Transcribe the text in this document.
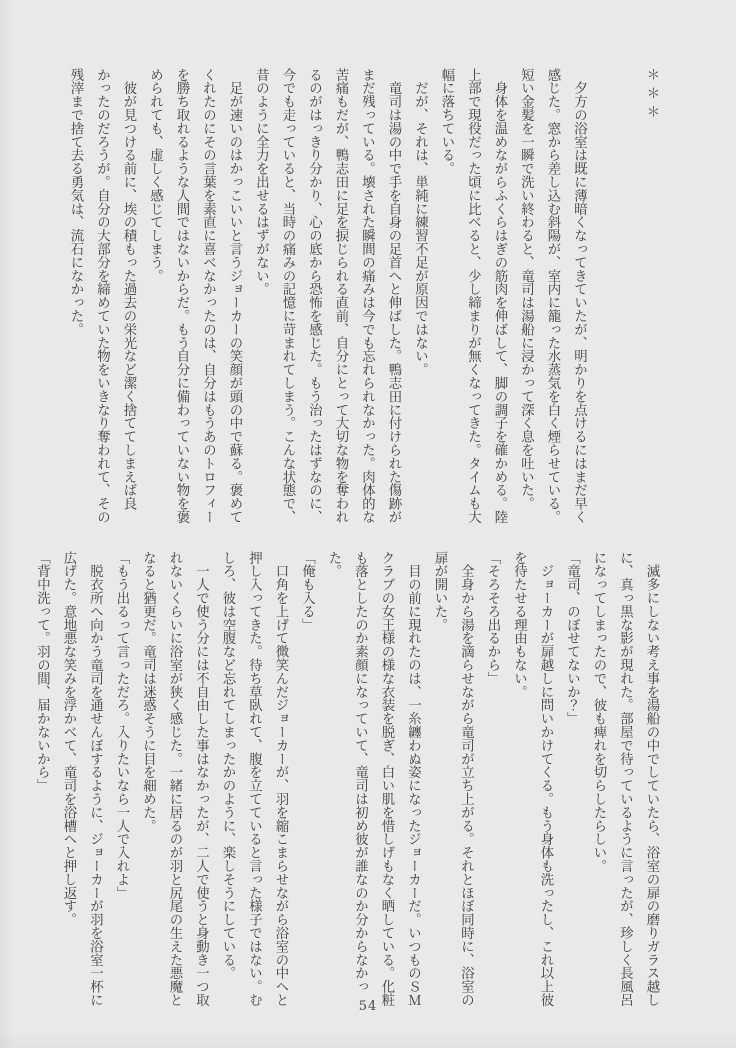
＊＊＊

　夕方の浴室は既に薄暗くなってきていたが、明かりを点けるにはまだ早く感じた。窓から差し込む斜陽が、室内に籠った水蒸気を白く煙らせている。短い金髪を一瞬で洗い終わると、竜司は湯船に浸かって深く息を吐いた。

　身体を温めながらふくらはぎの筋肉を伸ばして、脚の調子を確かめる。陸上部で現役だった頃に比べると、少し締まりが無くなってきた。タイムも大幅に落ちている。

　だが、それは、単純に練習不足が原因ではない。

　竜司は湯の中で手を自身の足首へと伸ばした。鴨志田に付けられた傷跡がまだ残っている。壊された瞬間の痛みは今でも忘れられなかった。肉体的な苦痛もだが、鴨志田に足を捩じられる直前、自分にとって大切な物を奪われるのがはっきり分かり、心の底から恐怖を感じた。もう治ったはずなのに、今でも走っていると、当時の痛みの記憶に苛まれてしまう。こんな状態で、昔のように全力を出せるはずがない。

　足が速いのはかっこいいと言うジョーカーの笑顔が頭の中で蘇る。褒めてくれたのにその言葉を素直に喜べなかったのは、自分はもうあのトロフィーを勝ち取れるような人間ではないからだ。もう自分に備わっていない物を褒められても、虚しく感じてしまう。

　彼が見つける前に、埃の積もった過去の栄光など潔く捨ててしまえば良かったのだろうが。自分の大部分を締めていた物をいきなり奪われて、その残滓まで捨て去る勇気は、流石になかった。

　滅多にしない考え事を湯船の中でしていたら、浴室の扉の磨りガラス越しに、真っ黒な影が現れた。部屋で待っているように言ったが、珍しく長風呂になってしまったので、彼も痺れを切らしたらしい。

「竜司、のぼせてないか？」

　ジョーカーが扉越しに問いかけてくる。もう身体も洗ったし、これ以上彼を待たせる理由もない。

「そろそろ出るから」

　全身から湯を滴らせながら竜司が立ち上がる。それとほぼ同時に、浴室の扉が開いた。

　目の前に現れたのは、一糸纏わぬ姿になったジョーカーだ。いつものＳＭクラブの女王様の様な衣装を脱ぎ、白い肌を惜しげもなく晒している。化粧も落としたのか素顔になっていて、竜司は初め彼が誰なのか分からなかった。

「俺も入る」

　口角を上げて微笑んだジョーカーが、羽を縮こまらせながら浴室の中へと押し入ってきた。待ち草臥れて、腹を立てていると言った様子ではない。むしろ、彼は空腹など忘れてしまったかのように、楽しそうにしている。

　一人で使う分には不自由した事はなかったが、二人で使うと身動き一つ取れないくらいに浴室が狭く感じた。一緒に居るのが羽と尻尾の生えた悪魔となると猶更だ。竜司は迷惑そうに目を細めた。

「もう出るって言っただろ。入りたいなら一人で入れよ」

　脱衣所へ向かう竜司を通せんぼするように、ジョーカーが羽を浴室一杯に広げた。意地悪な笑みを浮かべて、竜司を浴槽へと押し返す。

「背中洗って。羽の間、届かないから」

54
